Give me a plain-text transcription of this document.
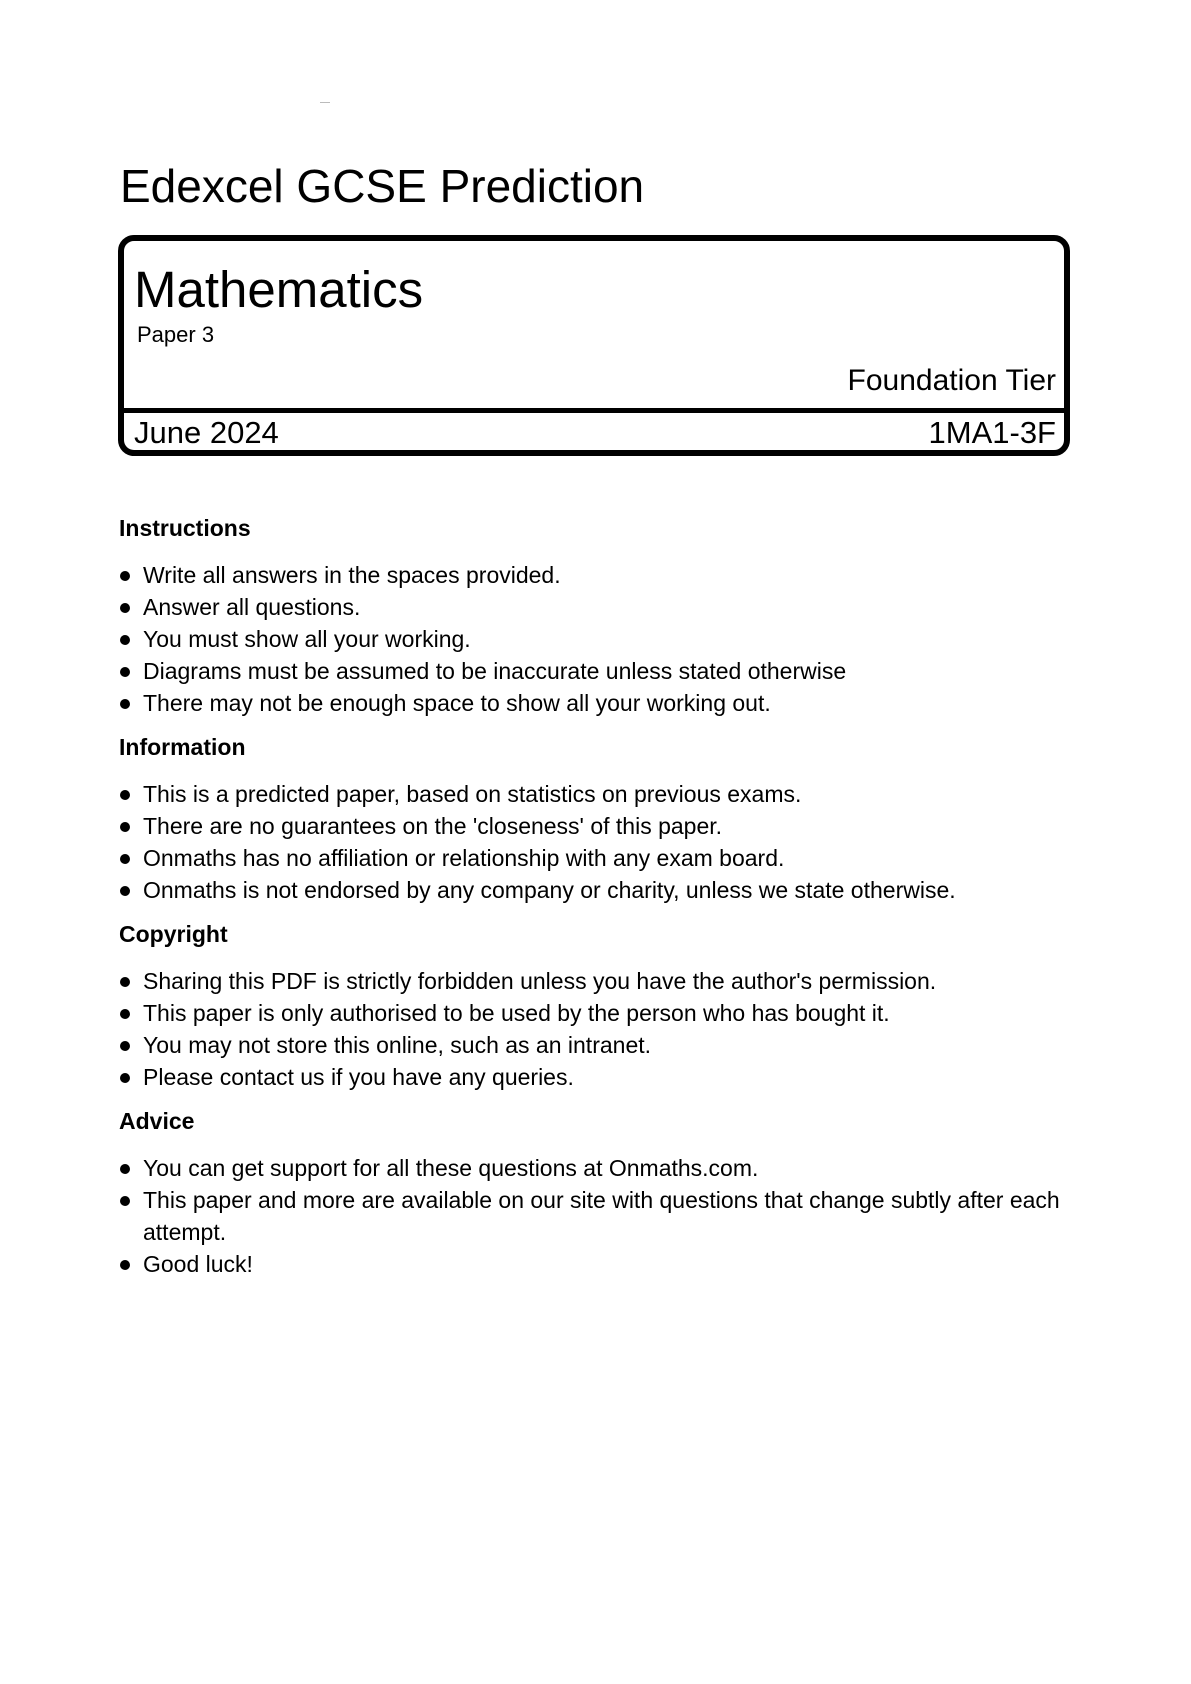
Edexcel GCSE Prediction
Mathematics
Paper 3
Foundation Tier
June 2024	1MA1-3F
Instructions
Write all answers in the spaces provided.
Answer all questions.
You must show all your working.
Diagrams must be assumed to be inaccurate unless stated otherwise
There may not be enough space to show all your working out.
Information
This is a predicted paper, based on statistics on previous exams.
There are no guarantees on the 'closeness' of this paper.
Onmaths has no affiliation or relationship with any exam board.
Onmaths is not endorsed by any company or charity, unless we state otherwise.
Copyright
Sharing this PDF is strictly forbidden unless you have the author's permission.
This paper is only authorised to be used by the person who has bought it.
You may not store this online, such as an intranet.
Please contact us if you have any queries.
Advice
You can get support for all these questions at Onmaths.com.
This paper and more are available on our site with questions that change subtly after each attempt.
Good luck!
